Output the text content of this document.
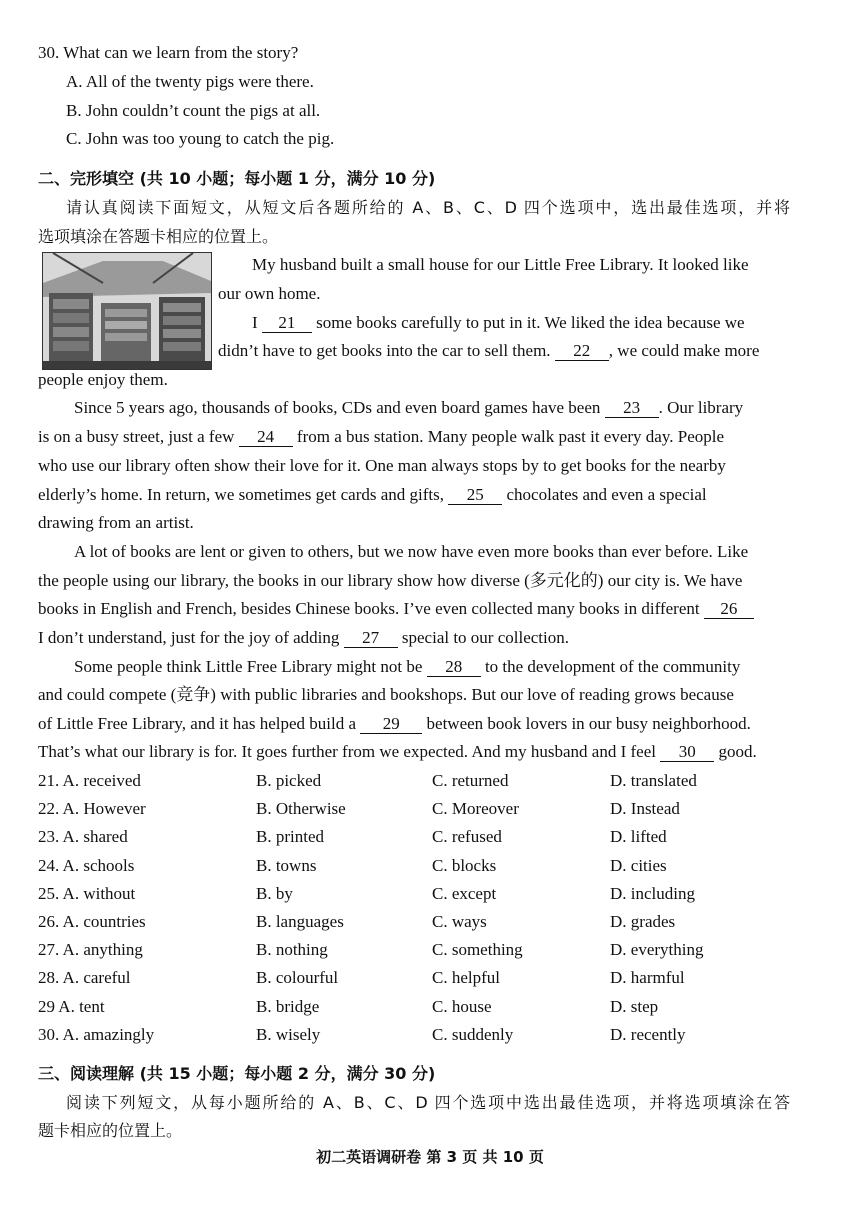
30. What can we learn from the story?
A. All of the twenty pigs were there.
B. John couldn’t count the pigs at all.
C. John was too young to catch the pig.
二、完形填空 (共 10 小题；每小题 1 分，满分 10 分)
请认真阅读下面短文，从短文后各题所给的 A、B、C、D 四个选项中，选出最佳选项，并将
选项填涂在答题卡相应的位置上。
My husband built a small house for our Little Free Library. It looked like
our own home.
I 21 some books carefully to put in it. We liked the idea because we
didn’t have to get books into the car to sell them. 22 , we could make more
people enjoy them.
Since 5 years ago, thousands of books, CDs and even board games have been 23 . Our library
is on a busy street, just a few 24 from a bus station. Many people walk past it every day. People
who use our library often show their love for it. One man always stops by to get books for the nearby
elderly’s home. In return, we sometimes get cards and gifts, 25 chocolates and even a special
drawing from an artist.
A lot of books are lent or given to others, but we now have even more books than ever before. Like
the people using our library, the books in our library show how diverse (多元化的) our city is. We have
books in English and French, besides Chinese books. I’ve even collected many books in different 26
I don’t understand, just for the joy of adding 27 special to our collection.
Some people think Little Free Library might not be 28 to the development of the community
and could compete (竞争) with public libraries and bookshops. But our love of reading grows because
of Little Free Library, and it has helped build a 29 between book lovers in our busy neighborhood.
That’s what our library is for. It goes further from we expected. And my husband and I feel 30 good.
21. A. received	B. picked	C. returned	D. translated
22. A. However	B. Otherwise	C. Moreover	D. Instead
23. A. shared	B. printed	C. refused	D. lifted
24. A. schools	B. towns	C. blocks	D. cities
25. A. without	B. by	C. except	D. including
26. A. countries	B. languages	C. ways	D. grades
27. A. anything	B. nothing	C. something	D. everything
28. A. careful	B. colourful	C. helpful	D. harmful
29 A. tent	B. bridge	C. house	D. step
30. A. amazingly	B. wisely	C. suddenly	D. recently
三、阅读理解 (共 15 小题；每小题 2 分，满分 30 分)
阅读下列短文，从每小题所给的 A、B、C、D 四个选项中选出最佳选项，并将选项填涂在答
题卡相应的位置上。
初二英语调研卷 第 3 页 共 10 页
